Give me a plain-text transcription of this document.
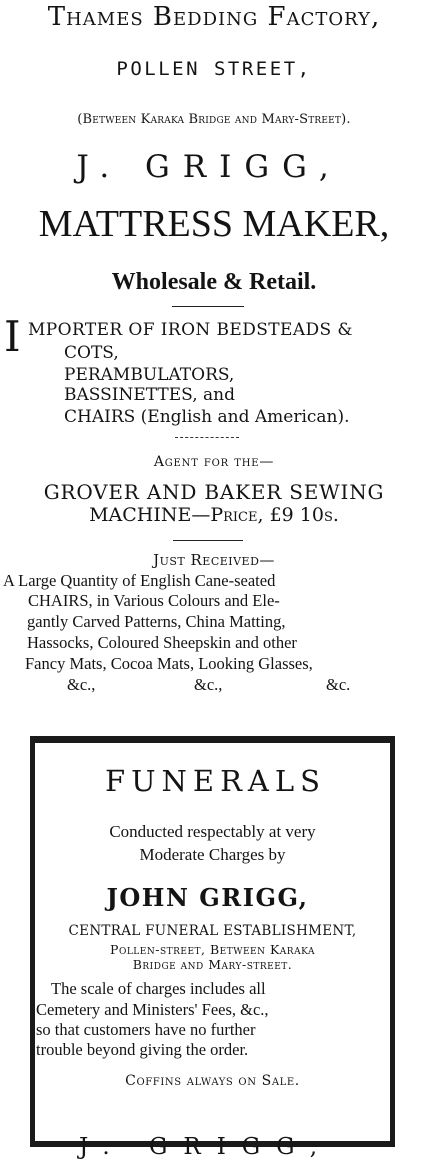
Thames Bedding Factory,
POLLEN STREET,
(Between Karaka Bridge and Mary-Street).
J. GRIGG,
MATTRESS MAKER,
Wholesale & Retail.
I MPORTER OF IRON BEDSTEADS &
COTS,
PERAMBULATORS,
BASSINETTES, and
CHAIRS (English and American).
Agent for the—
GROVER AND BAKER SEWING
MACHINE—Price, £9 10s.
Just Received—
A Large Quantity of English Cane-seated
CHAIRS, in Various Colours and Ele-
gantly Carved Patterns, China Matting,
Hassocks, Coloured Sheepskin and other
Fancy Mats, Cocoa Mats, Looking Glasses,
&c.,	&c.,	&c.
FUNERALS
Conducted respectably at very
Moderate Charges by
JOHN GRIGG,
CENTRAL FUNERAL ESTABLISHMENT,
Pollen-street, Between Karaka
Bridge and Mary-street.
The scale of charges includes all
Cemetery and Ministers' Fees, &c.,
so that customers have no further
trouble beyond giving the order.
Coffins always on Sale.
J. GRIGG,
